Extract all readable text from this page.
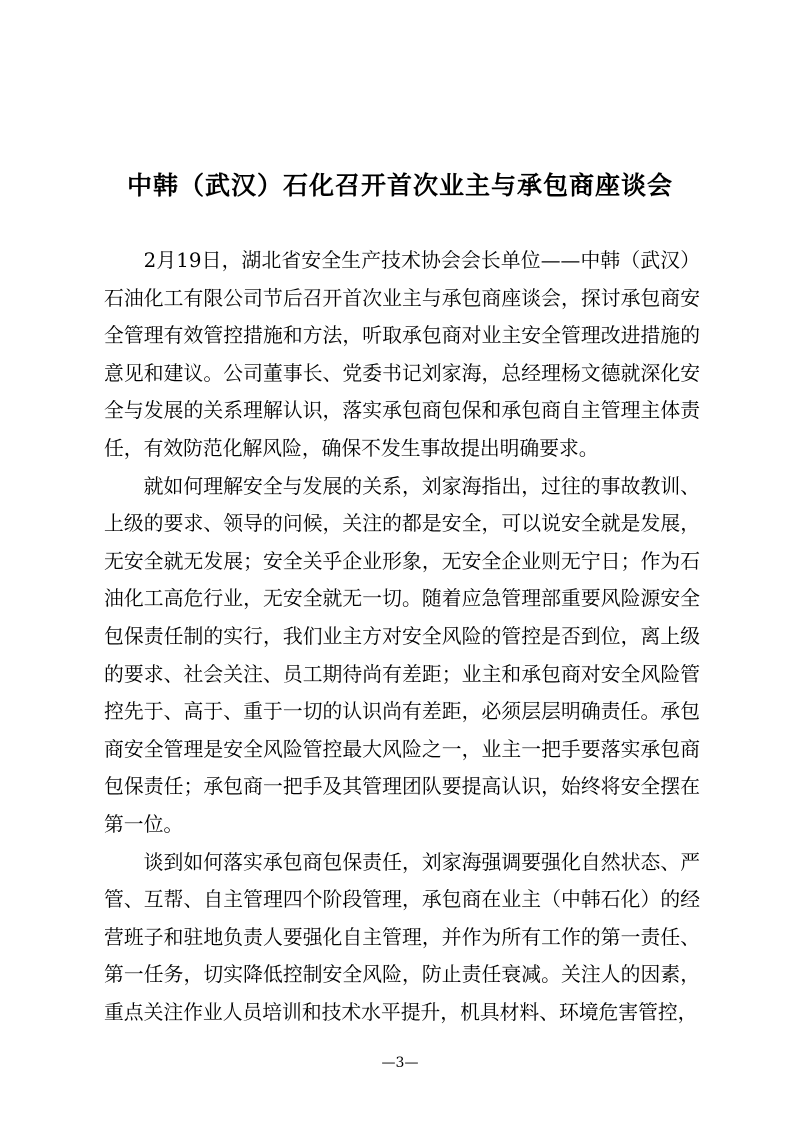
中韩（武汉）石化召开首次业主与承包商座谈会

2月19日，湖北省安全生产技术协会会长单位——中韩（武汉）石油化工有限公司节后召开首次业主与承包商座谈会，探讨承包商安全管理有效管控措施和方法，听取承包商对业主安全管理改进措施的意见和建议。公司董事长、党委书记刘家海，总经理杨文德就深化安全与发展的关系理解认识，落实承包商包保和承包商自主管理主体责任，有效防范化解风险，确保不发生事故提出明确要求。

就如何理解安全与发展的关系，刘家海指出，过往的事故教训、上级的要求、领导的问候，关注的都是安全，可以说安全就是发展，无安全就无发展；安全关乎企业形象，无安全企业则无宁日；作为石油化工高危行业，无安全就无一切。随着应急管理部重要风险源安全包保责任制的实行，我们业主方对安全风险的管控是否到位，离上级的要求、社会关注、员工期待尚有差距；业主和承包商对安全风险管控先于、高于、重于一切的认识尚有差距，必须层层明确责任。承包商安全管理是安全风险管控最大风险之一，业主一把手要落实承包商包保责任；承包商一把手及其管理团队要提高认识，始终将安全摆在第一位。

谈到如何落实承包商包保责任，刘家海强调要强化自然状态、严管、互帮、自主管理四个阶段管理，承包商在业主（中韩石化）的经营班子和驻地负责人要强化自主管理，并作为所有工作的第一责任、第一任务，切实降低控制安全风险，防止责任衰减。关注人的因素，重点关注作业人员培训和技术水平提升，机具材料、环境危害管控，

—3—
